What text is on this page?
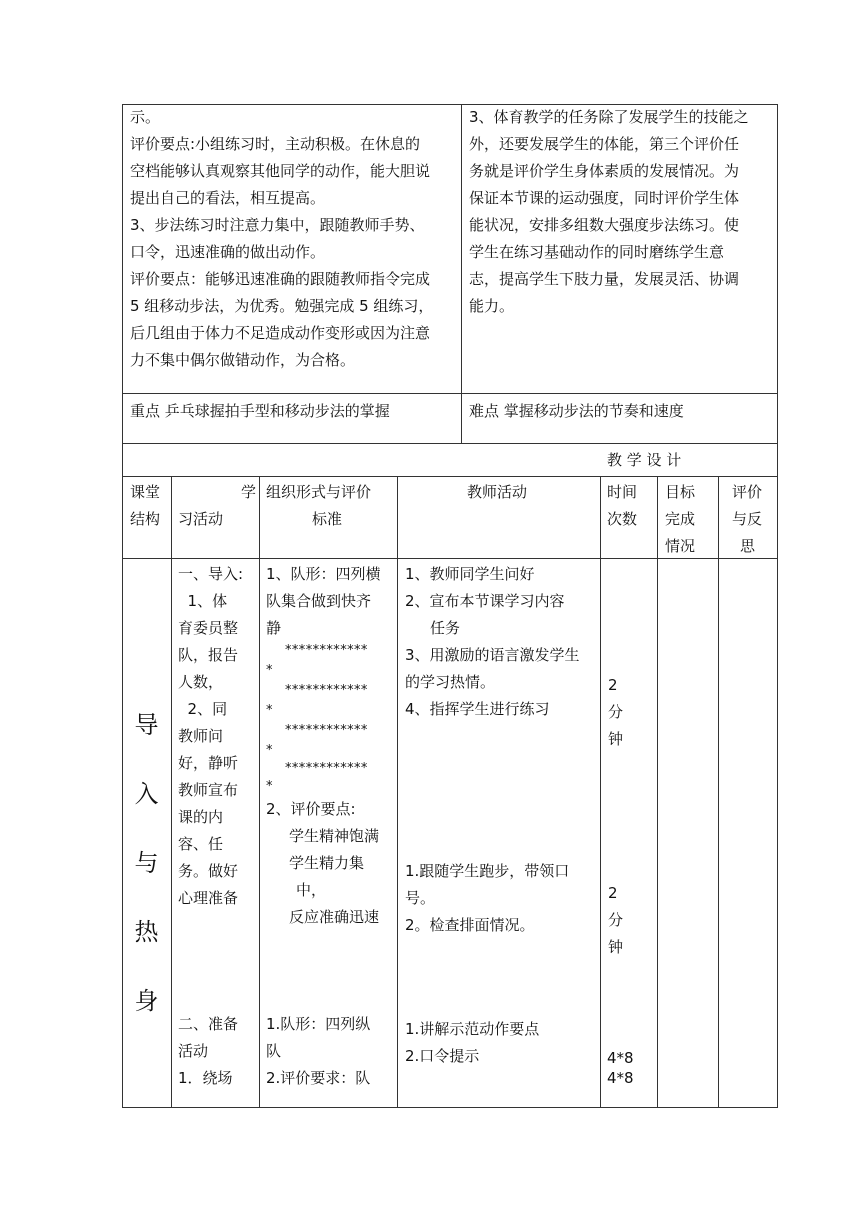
示。
评价要点:小组练习时，主动积极。在休息的
空档能够认真观察其他同学的动作，能大胆说
提出自己的看法，相互提高。
3、步法练习时注意力集中，跟随教师手势、
口令，迅速准确的做出动作。
评价要点：能够迅速准确的跟随教师指令完成
5 组移动步法，为优秀。勉强完成 5 组练习，
后几组由于体力不足造成动作变形或因为注意
力不集中偶尔做错动作，为合格。
3、体育教学的任务除了发展学生的技能之
外，还要发展学生的体能，第三个评价任
务就是评价学生身体素质的发展情况。为
保证本节课的运动强度，同时评价学生体
能状况，安排多组数大强度步法练习。使
学生在练习基础动作的同时磨练学生意
志，提高学生下肢力量，发展灵活、协调
能力。
重点 乒乓球握拍手型和移动步法的掌握	难点 掌握移动步法的节奏和速度
教 学 设 计
课堂
结构
学
习活动
组织形式与评价
标准
教师活动	时间
次数
目标
完成
情况
评价
与反
思
导
入
与
热
身
一、导入:
1、体
育委员整
队，报告
人数，
2、同
教师问
好，静听
教师宣布
课的内
容、任
务。做好
心理准备
二、准备
活动
1．绕场
1、队形：四列横
队集合做到快齐
静
************
*
************
*
************
*
************
*
2、评价要点:
学生精神饱满
学生精力集
中，
反应准确迅速
1.队形：四列纵
队
2.评价要求：队
1、教师同学生问好
2、宣布本节课学习内容
任务
3、用激励的语言激发学生
的学习热情。
4、指挥学生进行练习
1.跟随学生跑步，带领口
号。
2。检查排面情况。
1.讲解示范动作要点
2.口令提示
2
分
钟
2
分
钟
4*8
4*8
